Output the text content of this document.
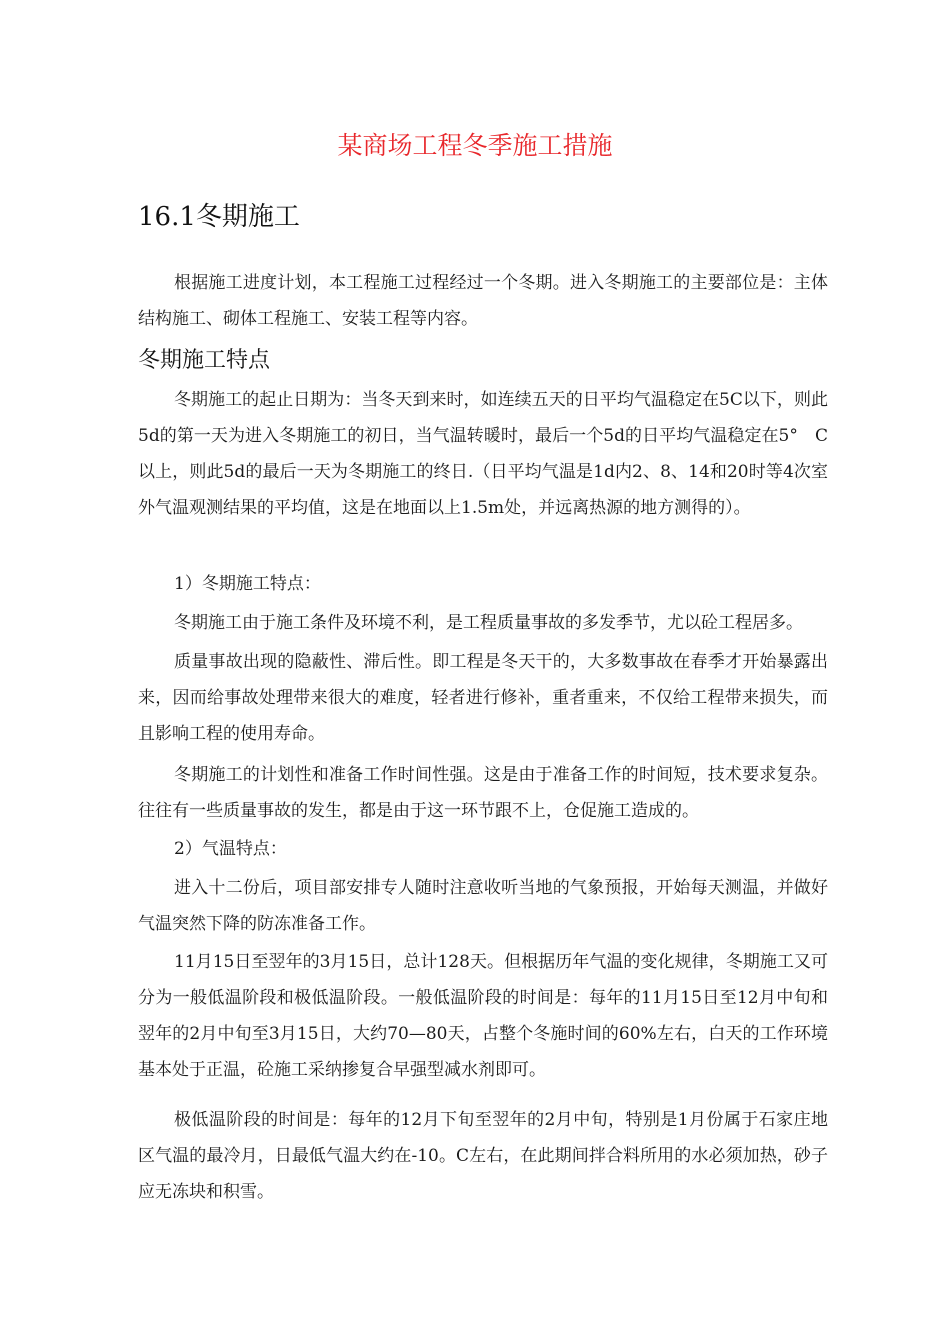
某商场工程冬季施工措施
16.1冬期施工

根据施工进度计划，本工程施工过程经过一个冬期。进入冬期施工的主要部位是：主体结构施工、砌体工程施工、安装工程等内容。

冬期施工特点

冬期施工的起止日期为：当冬天到来时，如连续五天的日平均气温稳定在5C以下，则此5d的第一天为进入冬期施工的初日，当气温转暖时，最后一个5d的日平均气温稳定在5°　C以上，则此5d的最后一天为冬期施工的终日.（日平均气温是1d内2、8、14和20时等4次室外气温观测结果的平均值，这是在地面以上1.5m处，并远离热源的地方测得的）。

1）冬期施工特点：

冬期施工由于施工条件及环境不利，是工程质量事故的多发季节，尤以砼工程居多。

质量事故出现的隐蔽性、滞后性。即工程是冬天干的，大多数事故在春季才开始暴露出来，因而给事故处理带来很大的难度，轻者进行修补，重者重来，不仅给工程带来损失，而且影响工程的使用寿命。

冬期施工的计划性和准备工作时间性强。这是由于准备工作的时间短，技术要求复杂。往往有一些质量事故的发生，都是由于这一环节跟不上，仓促施工造成的。

2）气温特点：

进入十二份后，项目部安排专人随时注意收听当地的气象预报，开始每天测温，并做好气温突然下降的防冻准备工作。

11月15日至翌年的3月15日，总计128天。但根据历年气温的变化规律，冬期施工又可分为一般低温阶段和极低温阶段。一般低温阶段的时间是：每年的11月15日至12月中旬和翌年的2月中旬至3月15日，大约70—80天，占整个冬施时间的60%左右，白天的工作环境基本处于正温，砼施工采纳掺复合早强型减水剂即可。

极低温阶段的时间是：每年的12月下旬至翌年的2月中旬，特别是1月份属于石家庄地区气温的最冷月，日最低气温大约在-10。C左右，在此期间拌合料所用的水必须加热，砂子应无冻块和积雪。
